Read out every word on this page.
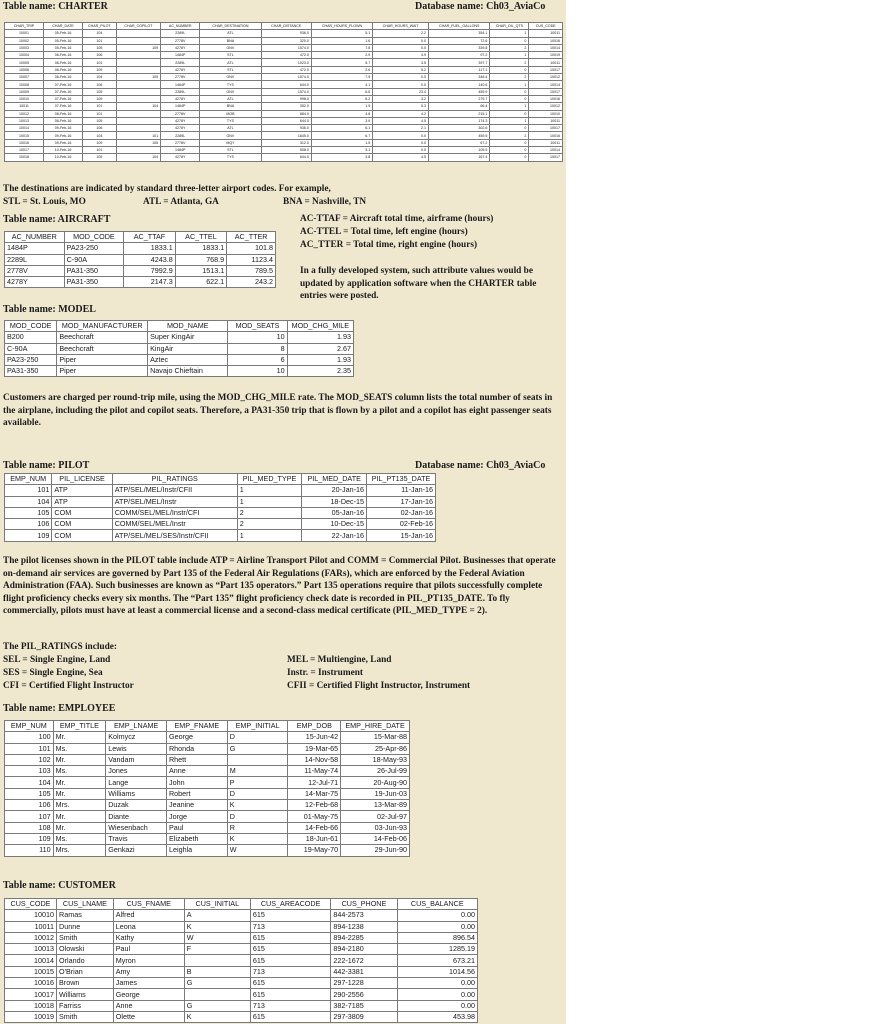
Table name: CHARTER	Database name: Ch03_AviaCo
CHAR_TRIP	CHAR_DATE	CHAR_PILOT	CHAR_COPILOT	AC_NUMBER	CHAR_DESTINATION	CHAR_DISTANCE	CHAR_HOURS_FLOWN	CHAR_HOURS_WAIT	CHAR_FUEL_GALLONS	CHAR_OIL_QTS	CUS_CODE
10001	05-Feb-16	104		2289L	ATL	936.0	5.1	2.2	354.1	1	10011
10002	05-Feb-16	101		2778V	BNA	320.0	1.6	0.0	72.6	0	10016
10003	05-Feb-16	105	109	4278Y	GNV	1574.0	7.8	0.0	339.8	2	10014
10004	06-Feb-16	106		1484P	STL	472.0	2.9	4.9	97.2	1	10019
10005	06-Feb-16	101		2289L	ATL	1023.0	5.7	3.5	397.7	2	10011
10006	06-Feb-16	109		4278Y	STL	472.0	2.6	5.2	117.1	0	10017
10007	06-Feb-16	104	105	2778V	GNV	1574.0	7.9	0.0	348.4	2	10012
10008	07-Feb-16	106		1484P	TYS	644.0	4.1	0.0	140.6	1	10014
10009	07-Feb-16	105		2289L	GNV	1574.0	6.6	23.4	459.9	0	10017
10010	07-Feb-16	109		4278Y	ATL	998.0	6.2	3.2	279.7	0	10016
10011	07-Feb-16	101	104	1484P	BNA	352.0	1.9	5.3	66.4	1	10012
10012	08-Feb-16	101		2778V	MOB	884.0	4.8	4.2	215.1	0	10010
10013	08-Feb-16	105		4278Y	TYS	644.0	3.9	4.5	174.3	1	10011
10014	09-Feb-16	106		4278Y	ATL	936.0	6.1	2.1	302.6	0	10017
10015	09-Feb-16	104	101	2289L	GNV	1645.0	6.7	0.0	459.5	2	10016
10016	09-Feb-16	109	105	2778V	MQY	312.0	1.5	0.0	67.2	0	10011
10017	10-Feb-16	101		1484P	STL	508.0	3.1	0.0	105.5	0	10014
10018	10-Feb-16	105	104	4278Y	TYS	644.0	3.8	4.5	167.4	0	10017
The destinations are indicated by standard three-letter airport codes. For example,
STL = St. Louis, MO	ATL = Atlanta, GA	BNA = Nashville, TN
Table name: AIRCRAFT
AC_NUMBER	MOD_CODE	AC_TTAF	AC_TTEL	AC_TTER
1484P	PA23-250	1833.1	1833.1	101.8
2289L	C-90A	4243.8	768.9	1123.4
2778V	PA31-350	7992.9	1513.1	789.5
4278Y	PA31-350	2147.3	622.1	243.2
AC-TTAF = Aircraft total time, airframe (hours)
AC-TTEL = Total time, left engine (hours)
AC_TTER = Total time, right engine (hours)
In a fully developed system, such attribute values would be updated by application software when the CHARTER table entries were posted.
Table name: MODEL
MOD_CODE	MOD_MANUFACTURER	MOD_NAME	MOD_SEATS	MOD_CHG_MILE
B200	Beechcraft	Super KingAir	10	1.93
C-90A	Beechcraft	KingAir	8	2.67
PA23-250	Piper	Aztec	6	1.93
PA31-350	Piper	Navajo Chieftain	10	2.35
Customers are charged per round-trip mile, using the MOD_CHG_MILE rate. The MOD_SEATS column lists the total number of seats in the airplane, including the pilot and copilot seats. Therefore, a PA31-350 trip that is flown by a pilot and a copilot has eight passenger seats available.
Table name: PILOT	Database name: Ch03_AviaCo
EMP_NUM	PIL_LICENSE	PIL_RATINGS	PIL_MED_TYPE	PIL_MED_DATE	PIL_PT135_DATE
101	ATP	ATP/SEL/MEL/Instr/CFII	1	20-Jan-16	11-Jan-16
104	ATP	ATP/SEL/MEL/Instr	1	18-Dec-15	17-Jan-16
105	COM	COMM/SEL/MEL/Instr/CFI	2	05-Jan-16	02-Jan-16
106	COM	COMM/SEL/MEL/Instr	2	10-Dec-15	02-Feb-16
109	COM	ATP/SEL/MEL/SES/Instr/CFII	1	22-Jan-16	15-Jan-16
The pilot licenses shown in the PILOT table include ATP = Airline Transport Pilot and COMM = Commercial Pilot. Businesses that operate on-demand air services are governed by Part 135 of the Federal Air Regulations (FARs), which are enforced by the Federal Aviation Administration (FAA). Such businesses are known as “Part 135 operators.” Part 135 operations require that pilots successfully complete flight proficiency checks every six months. The “Part 135” flight proficiency check date is recorded in PIL_PT135_DATE. To fly commercially, pilots must have at least a commercial license and a second-class medical certificate (PIL_MED_TYPE = 2).
The PIL_RATINGS include:
SEL = Single Engine, Land
SES = Single Engine, Sea
CFI = Certified Flight Instructor
MEL = Multiengine, Land
Instr. = Instrument
CFII = Certified Flight Instructor, Instrument
Table name: EMPLOYEE
EMP_NUM	EMP_TITLE	EMP_LNAME	EMP_FNAME	EMP_INITIAL	EMP_DOB	EMP_HIRE_DATE
100	Mr.	Kolmycz	George	D	15-Jun-42	15-Mar-88
101	Ms.	Lewis	Rhonda	G	19-Mar-65	25-Apr-86
102	Mr.	Vandam	Rhett		14-Nov-58	18-May-93
103	Ms.	Jones	Anne	M	11-May-74	26-Jul-99
104	Mr.	Lange	John	P	12-Jul-71	20-Aug-90
105	Mr.	Williams	Robert	D	14-Mar-75	19-Jun-03
106	Mrs.	Duzak	Jeanine	K	12-Feb-68	13-Mar-89
107	Mr.	Diante	Jorge	D	01-May-75	02-Jul-97
108	Mr.	Wiesenbach	Paul	R	14-Feb-66	03-Jun-93
109	Ms.	Travis	Elizabeth	K	18-Jun-61	14-Feb-06
110	Mrs.	Genkazi	Leighla	W	19-May-70	29-Jun-90
Table name: CUSTOMER
CUS_CODE	CUS_LNAME	CUS_FNAME	CUS_INITIAL	CUS_AREACODE	CUS_PHONE	CUS_BALANCE
10010	Ramas	Alfred	A	615	844-2573	0.00
10011	Dunne	Leona	K	713	894-1238	0.00
10012	Smith	Kathy	W	615	894-2285	896.54
10013	Olowski	Paul	F	615	894-2180	1285.19
10014	Orlando	Myron		615	222-1672	673.21
10015	O'Brian	Amy	B	713	442-3381	1014.56
10016	Brown	James	G	615	297-1228	0.00
10017	Williams	George		615	290-2556	0.00
10018	Farriss	Anne	G	713	382-7185	0.00
10019	Smith	Olette	K	615	297-3809	453.98
